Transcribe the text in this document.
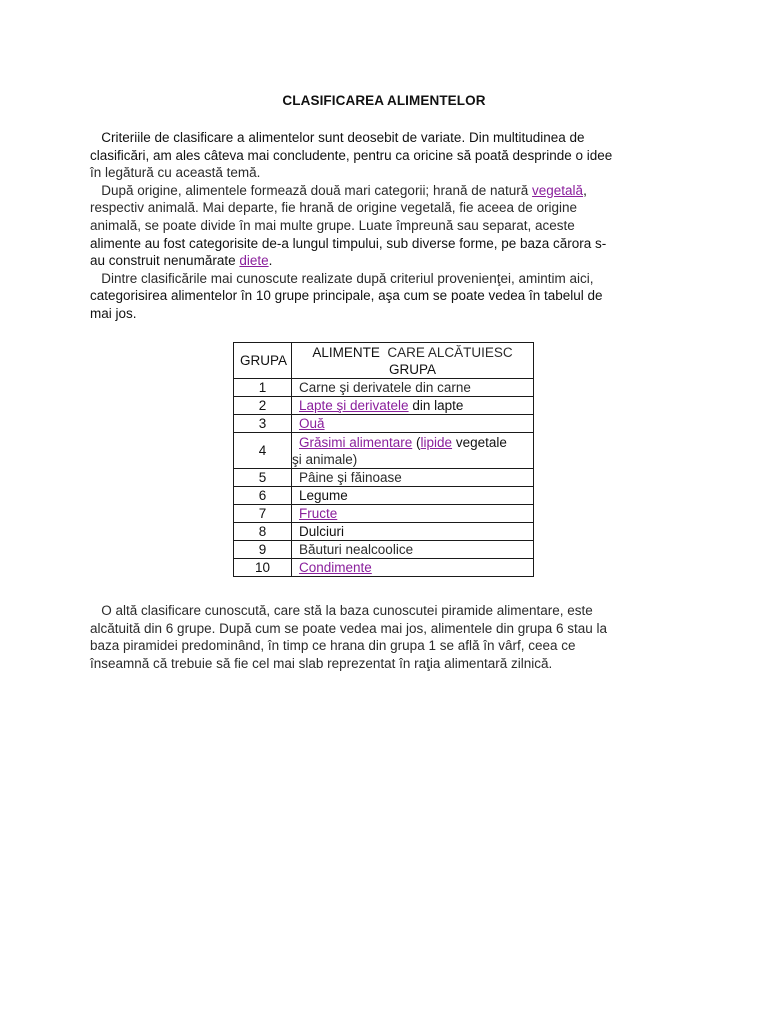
CLASIFICAREA ALIMENTELOR
Criteriile de clasificare a alimentelor sunt deosebit de variate. Din multitudinea de
clasificări, am ales câteva mai concludente, pentru ca oricine să poată desprinde o idee
în legătură cu această temă.
După origine, alimentele formează două mari categorii; hrană de natură vegetală,
respectiv animală. Mai departe, fie hrană de origine vegetală, fie aceea de origine
animală, se poate divide în mai multe grupe. Luate împreună sau separat, aceste
alimente au fost categorisite de-a lungul timpului, sub diverse forme, pe baza cărora s-
au construit nenumărate diete.
Dintre clasificările mai cunoscute realizate după criteriul provenienţei, amintim aici,
categorisirea alimentelor în 10 grupe principale, aşa cum se poate vedea în tabelul de
mai jos.
GRUPA	ALIMENTE CARE ALCĂTUIESC
GRUPA
1	Carne şi derivatele din carne
2	Lapte şi derivatele din lapte
3	Ouă
4	Grăsimi alimentare (lipide vegetale
şi animale)
5	Pâine şi făinoase
6	Legume
7	Fructe
8	Dulciuri
9	Băuturi nealcoolice
10	Condimente
O altă clasificare cunoscută, care stă la baza cunoscutei piramide alimentare, este
alcătuită din 6 grupe. După cum se poate vedea mai jos, alimentele din grupa 6 stau la
baza piramidei predominând, în timp ce hrana din grupa 1 se află în vârf, ceea ce
înseamnă că trebuie să fie cel mai slab reprezentat în raţia alimentară zilnică.
